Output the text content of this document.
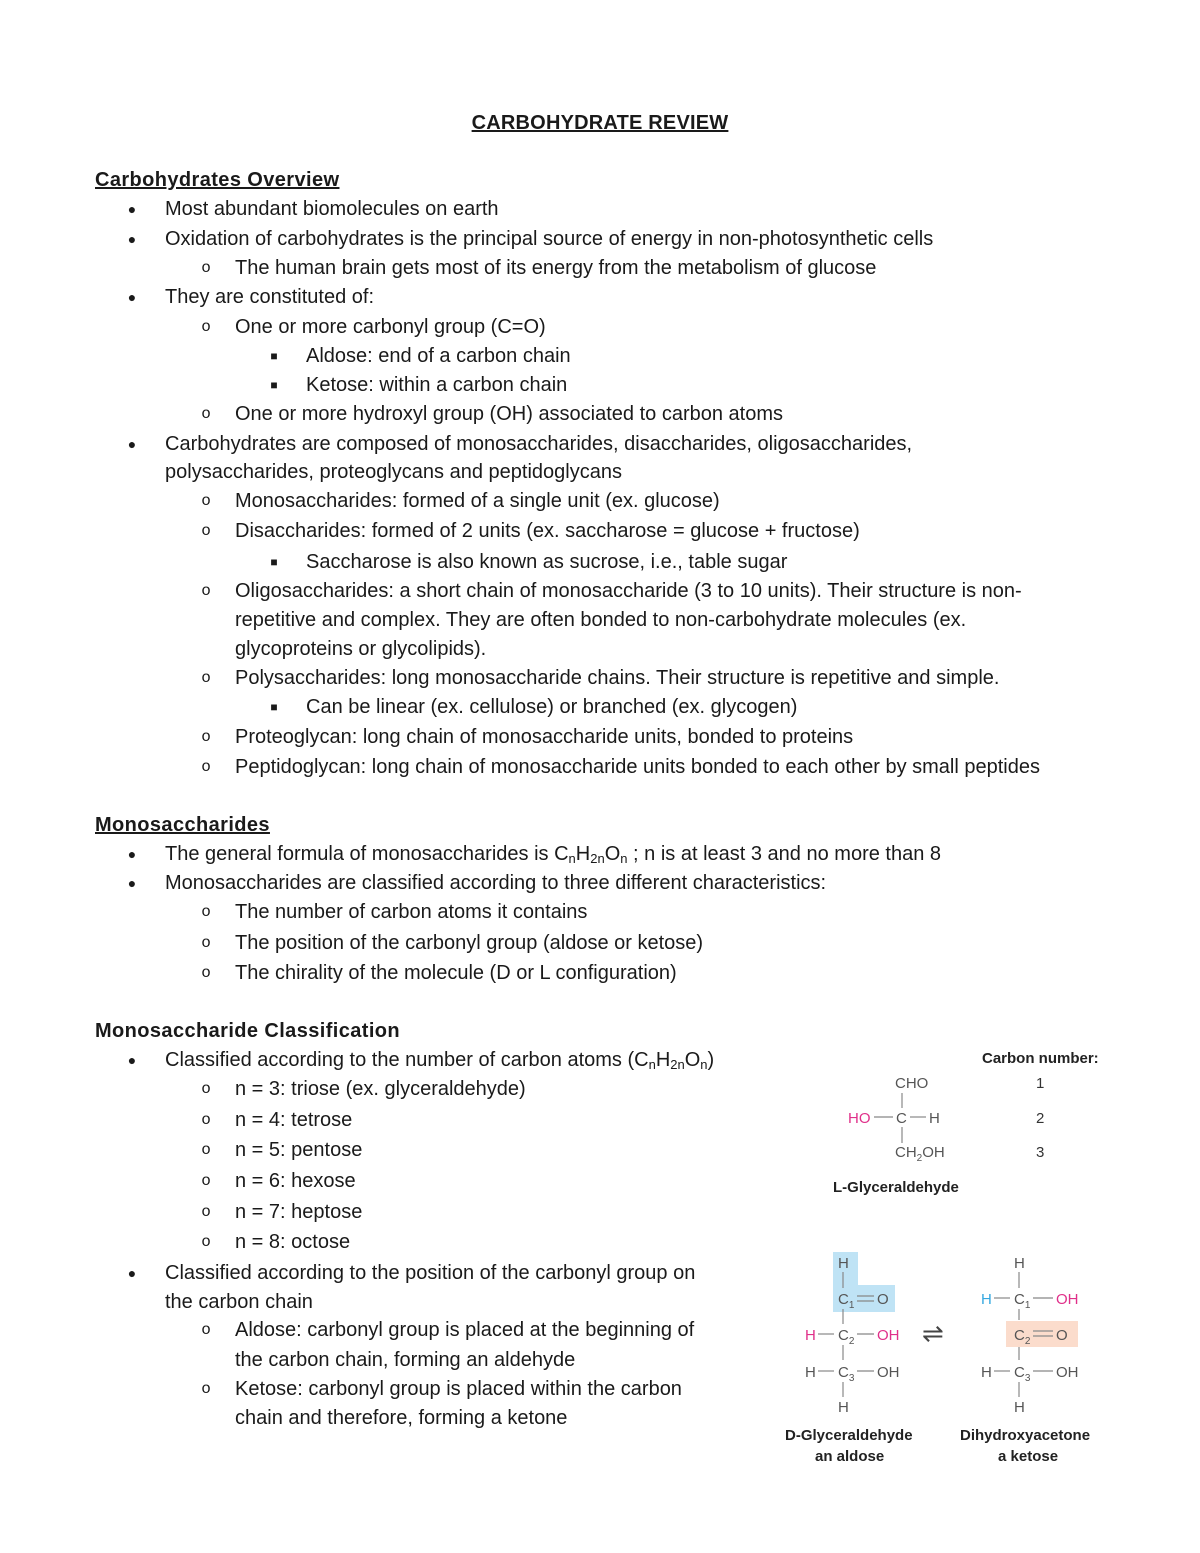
CARBOHYDRATE REVIEW
Carbohydrates Overview
● Most abundant biomolecules on earth
● Oxidation of carbohydrates is the principal source of energy in non-photosynthetic cells
o The human brain gets most of its energy from the metabolism of glucose
● They are constituted of:
o One or more carbonyl group (C=O)
■ Aldose: end of a carbon chain
■ Ketose: within a carbon chain
o One or more hydroxyl group (OH) associated to carbon atoms
● Carbohydrates are composed of monosaccharides, disaccharides, oligosaccharides,
polysaccharides, proteoglycans and peptidoglycans
o Monosaccharides: formed of a single unit (ex. glucose)
o Disaccharides: formed of 2 units (ex. saccharose = glucose + fructose)
■ Saccharose is also known as sucrose, i.e., table sugar
o Oligosaccharides: a short chain of monosaccharide (3 to 10 units). Their structure is non-
repetitive and complex. They are often bonded to non-carbohydrate molecules (ex.
glycoproteins or glycolipids).
o Polysaccharides: long monosaccharide chains. Their structure is repetitive and simple.
■ Can be linear (ex. cellulose) or branched (ex. glycogen)
o Proteoglycan: long chain of monosaccharide units, bonded to proteins
o Peptidoglycan: long chain of monosaccharide units bonded to each other by small peptides
Monosaccharides
● The general formula of monosaccharides is $C_nH_{2n}O_n$ ; n is at least 3 and no more than 8
● Monosaccharides are classified according to three different characteristics:
o The number of carbon atoms it contains
o The position of the carbonyl group (aldose or ketose)
o The chirality of the molecule (D or L configuration)
Monosaccharide Classification
● Classified according to the number of carbon atoms $(C_nH_{2n}O_n)$
o n = 3: triose (ex. glyceraldehyde)
o n = 4: tetrose
o n = 5: pentose
o n = 6: hexose
o n = 7: heptose
o n = 8: octose
● Classified according to the position of the carbonyl group on
the carbon chain
o Aldose: carbonyl group is placed at the beginning of
the carbon chain, forming an aldehyde
o Ketose: carbonyl group is placed within the carbon
chain and therefore, forming a ketone
Carbon number:
1
2
3
CHO
HO C H
$CH_2OH$
L-Glyceraldehyde
H
$C_1$ O
H $C_2$ OH
H $C_3$ OH
H
⇌
H
H $C_1$ OH
$C_2$ O
H $C_3$ OH
H
D-Glyceraldehyde
an aldose
Dihydroxyacetone
a ketose
